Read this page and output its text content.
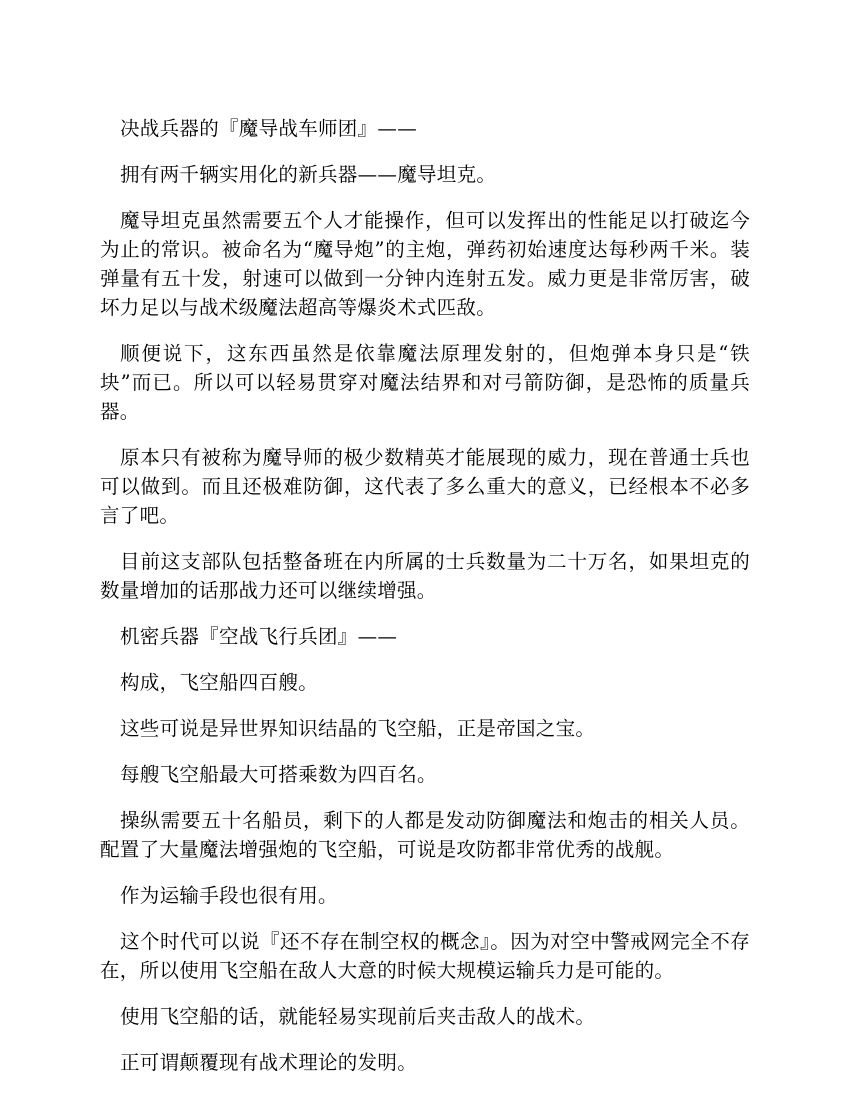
决战兵器的『魔导战车师团』——

拥有两千辆实用化的新兵器——魔导坦克。

魔导坦克虽然需要五个人才能操作，但可以发挥出的性能足以打破迄今为止的常识。被命名为“魔导炮”的主炮，弹药初始速度达每秒两千米。装弹量有五十发，射速可以做到一分钟内连射五发。威力更是非常厉害，破坏力足以与战术级魔法超高等爆炎术式匹敌。

顺便说下，这东西虽然是依靠魔法原理发射的，但炮弹本身只是“铁块”而已。所以可以轻易贯穿对魔法结界和对弓箭防御，是恐怖的质量兵器。

原本只有被称为魔导师的极少数精英才能展现的威力，现在普通士兵也可以做到。而且还极难防御，这代表了多么重大的意义，已经根本不必多言了吧。

目前这支部队包括整备班在内所属的士兵数量为二十万名，如果坦克的数量增加的话那战力还可以继续增强。

机密兵器『空战飞行兵团』——

构成，飞空船四百艘。

这些可说是异世界知识结晶的飞空船，正是帝国之宝。

每艘飞空船最大可搭乘数为四百名。

操纵需要五十名船员，剩下的人都是发动防御魔法和炮击的相关人员。配置了大量魔法增强炮的飞空船，可说是攻防都非常优秀的战舰。

作为运输手段也很有用。

这个时代可以说『还不存在制空权的概念』。因为对空中警戒网完全不存在，所以使用飞空船在敌人大意的时候大规模运输兵力是可能的。

使用飞空船的话，就能轻易实现前后夹击敌人的战术。

正可谓颠覆现有战术理论的发明。
